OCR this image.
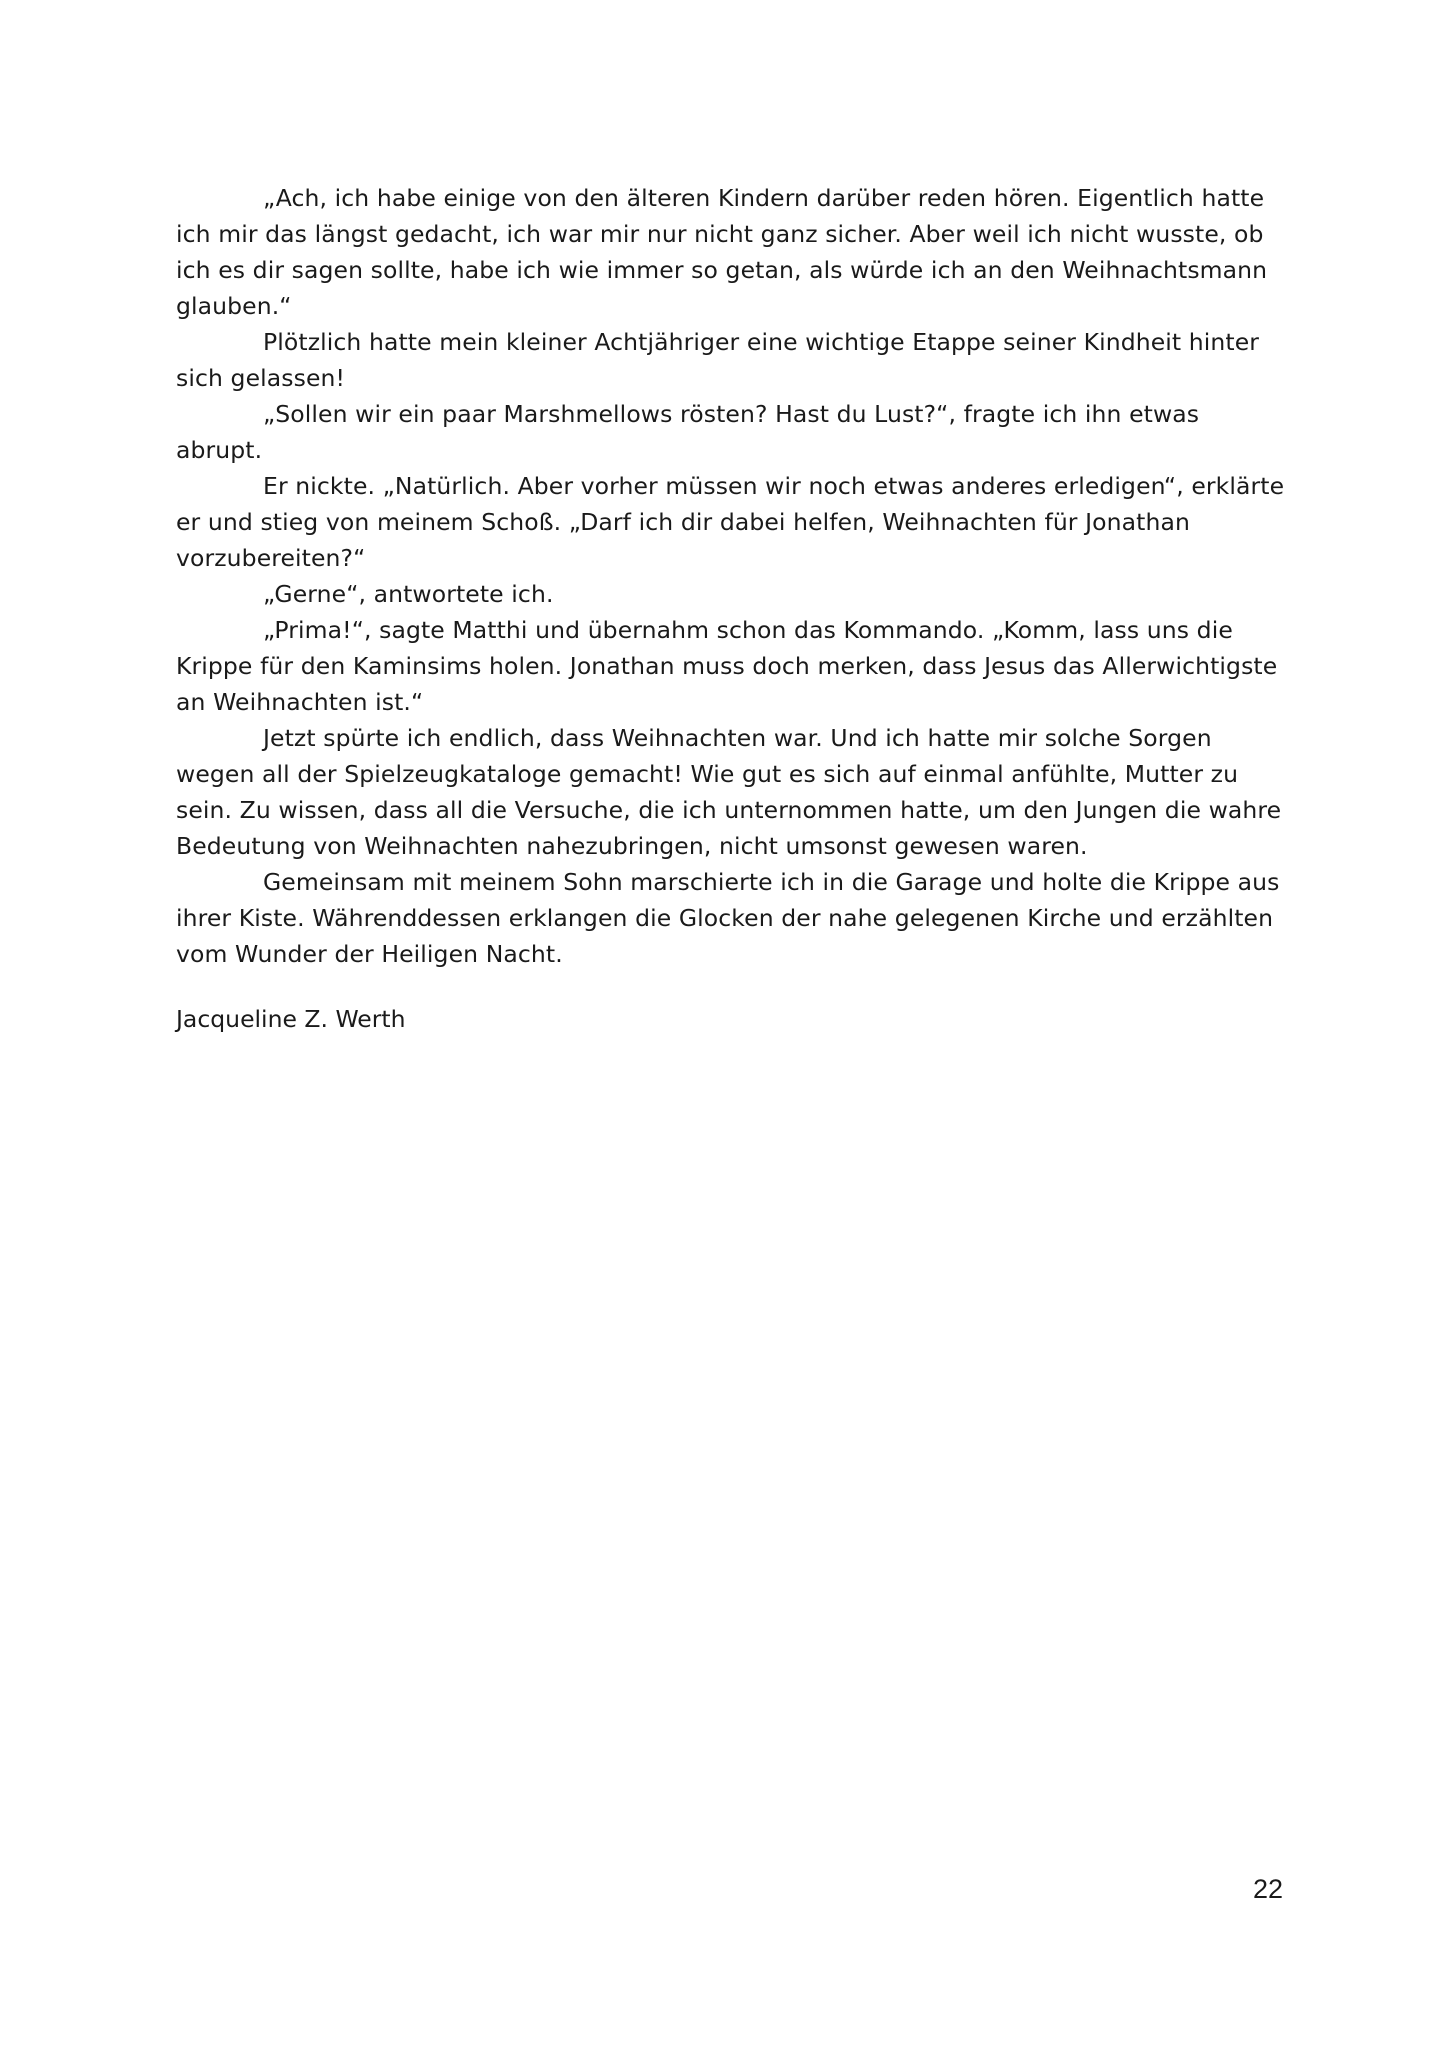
„Ach, ich habe einige von den älteren Kindern darüber reden hören. Eigentlich hatte ich mir das längst gedacht, ich war mir nur nicht ganz sicher. Aber weil ich nicht wusste, ob ich es dir sagen sollte, habe ich wie immer so getan, als würde ich an den Weihnachtsmann glauben.“

Plötzlich hatte mein kleiner Achtjähriger eine wichtige Etappe seiner Kindheit hinter sich gelassen!

„Sollen wir ein paar Marshmellows rösten? Hast du Lust?“, fragte ich ihn etwas abrupt.

Er nickte. „Natürlich. Aber vorher müssen wir noch etwas anderes erledigen“, erklärte er und stieg von meinem Schoß. „Darf ich dir dabei helfen, Weihnachten für Jonathan vorzubereiten?“

„Gerne“, antwortete ich.

„Prima!“, sagte Matthi und übernahm schon das Kommando. „Komm, lass uns die Krippe für den Kaminsims holen. Jonathan muss doch merken, dass Jesus das Allerwichtigste an Weihnachten ist.“

Jetzt spürte ich endlich, dass Weihnachten war. Und ich hatte mir solche Sorgen wegen all der Spielzeugkataloge gemacht! Wie gut es sich auf einmal anfühlte, Mutter zu sein. Zu wissen, dass all die Versuche, die ich unternommen hatte, um den Jungen die wahre Bedeutung von Weihnachten nahezubringen, nicht umsonst gewesen waren.

Gemeinsam mit meinem Sohn marschierte ich in die Garage und holte die Krippe aus ihrer Kiste. Währenddessen erklangen die Glocken der nahe gelegenen Kirche und erzählten vom Wunder der Heiligen Nacht.

Jacqueline Z. Werth

22
